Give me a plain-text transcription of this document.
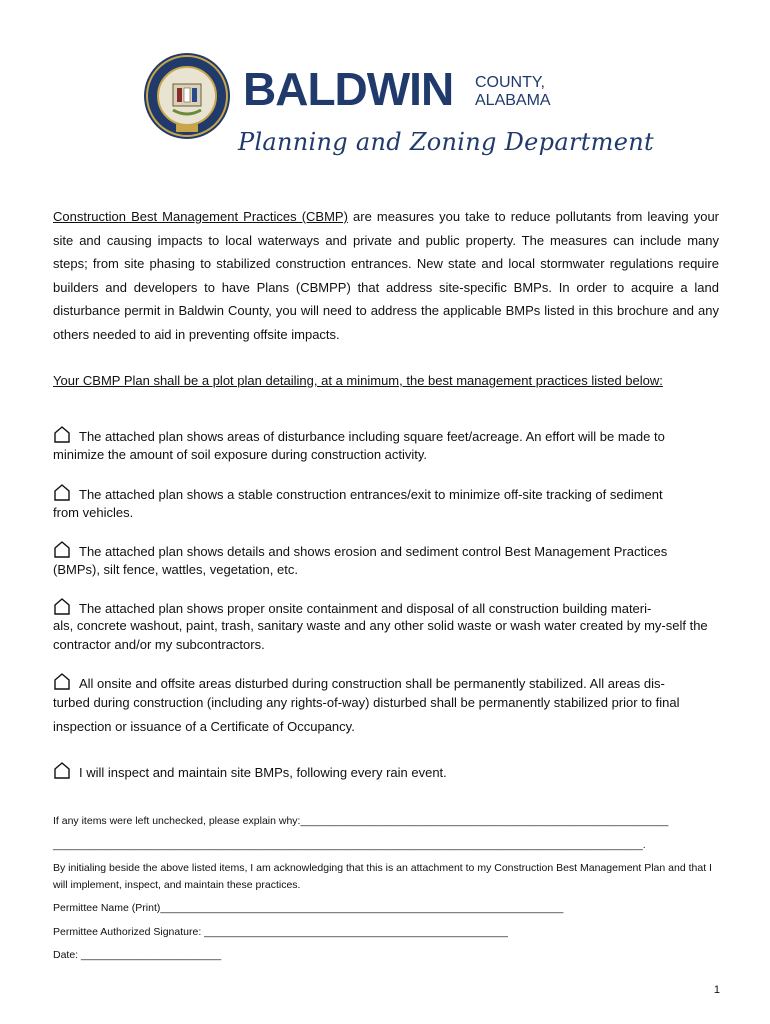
BALDWIN COUNTY,
ALABAMA
Planning and Zoning Department
Construction Best Management Practices (CBMP) are measures you take to reduce pollutants from leaving your site and causing impacts to local waterways and private and public property. The measures can include many steps; from site phasing to stabilized construction entrances. New state and local stormwater regulations require builders and developers to have Plans (CBMPP) that address site-specific BMPs. In order to acquire a land disturbance permit in Baldwin County, you will need to address the applicable BMPs listed in this brochure and any others needed to aid in preventing offsite impacts.
Your CBMP Plan shall be a plot plan detailing, at a minimum, the best management practices listed below:
The attached plan shows areas of disturbance including square feet/acreage. An effort will be made to
minimize the amount of soil exposure during construction activity.
The attached plan shows a stable construction entrances/exit to minimize off-site tracking of sediment
from vehicles.
The attached plan shows details and shows erosion and sediment control Best Management Practices
(BMPs), silt fence, wattles, vegetation, etc.
The attached plan shows proper onsite containment and disposal of all construction building materi-
als, concrete washout, paint, trash, sanitary waste and any other solid waste or wash water created by my-self the contractor and/or my subcontractors.
All onsite and offsite areas disturbed during construction shall be permanently stabilized. All areas dis-
turbed during construction (including any rights-of-way) disturbed shall be permanently stabilized prior to final inspection or issuance of a Certificate of Occupancy.
I will inspect and maintain site BMPs, following every rain event.
If any items were left unchecked, please explain why:_______________________________________________________________
_____________________________________________________________________________________________________.
By initialing beside the above listed items, I am acknowledging that this is an attachment to my Construction Best Management Plan and that I will implement, inspect, and maintain these practices.
Permittee Name (Print)_____________________________________________________________________
Permittee Authorized Signature: ____________________________________________________
Date: ________________________
1
